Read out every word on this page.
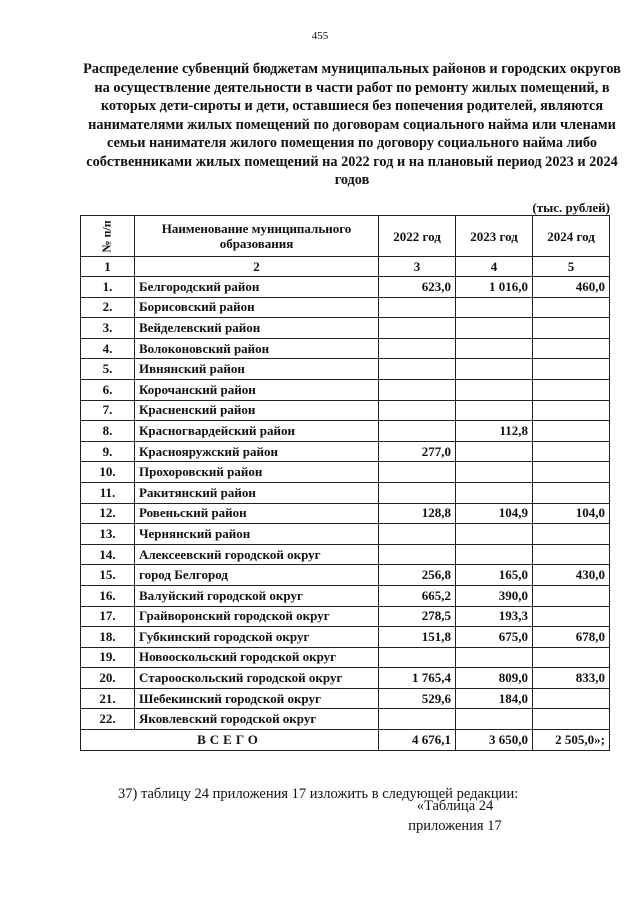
455
Распределение субвенций бюджетам муниципальных районов и городских округов на осуществление деятельности в части работ по ремонту жилых помещений, в которых дети-сироты и дети, оставшиеся без попечения родителей, являются нанимателями жилых помещений по договорам социального найма или членами семьи нанимателя жилого помещения по договору социального найма либо собственниками жилых помещений на 2022 год и на плановый период 2023 и 2024 годов
(тыс. рублей)
№ п/п	Наименование муниципального образования	2022 год	2023 год	2024 год
1	2	3	4	5
1.	Белгородский район	623,0	1 016,0	460,0
2.	Борисовский район			
3.	Вейделевский район			
4.	Волоконовский район			
5.	Ивнянский район			
6.	Корочанский район			
7.	Красненский район			
8.	Красногвардейский район		112,8	
9.	Краснояружский район	277,0		
10.	Прохоровский район			
11.	Ракитянский район			
12.	Ровеньский район	128,8	104,9	104,0
13.	Чернянский район			
14.	Алексеевский городской округ			
15.	город Белгород	256,8	165,0	430,0
16.	Валуйский городской округ	665,2	390,0	
17.	Грайворонский городской округ	278,5	193,3	
18.	Губкинский городской округ	151,8	675,0	678,0
19.	Новооскольский городской округ			
20.	Старооскольский городской округ	1 765,4	809,0	833,0
21.	Шебекинский городской округ	529,6	184,0	
22.	Яковлевский городской округ			
ВСЕГО		4 676,1	3 650,0	2 505,0»;
37) таблицу 24 приложения 17 изложить в следующей редакции:
«Таблица 24
приложения 17
